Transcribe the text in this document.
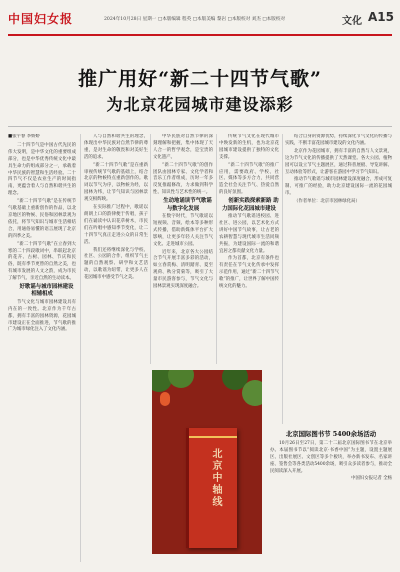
中国妇女报	2024年10月28日 星期一 □本版编辑 程英 □本版美编 黎岩 □本版校对 刘杰 □本版校对	文化 A15
推广用好“新二十四节气歌”
为北京花园城市建设添彩

■张宇春 李娇娇

二十四节气是中国古代先民的伟大发明，是中华文化的重要组成部分，也是中华优秀传统文化中最具生命力的组成部分之一，承载着中华民族的智慧和生活经验。二十四节气不仅是农业生产的时间指南，更蕴含着人与自然和谐共生的理念。

“新二十四节气歌”是在传统节气歌基础上重新创作的作品，以北京地区的物候、民俗和园林景观为依托，将节气知识与城市生活相结合，用通俗易懂的语言展现了北京的四季之美。

“新二十四节气歌”在立春到大寒的二十四段歌词中，串联起北京的花卉、古树、园林、节庆和民俗，既有季节更替的自然之美，也有城市发展的人文之韵，成为市民了解节气、亲近自然的生动读本。

好歌谣与城市园林建设相辅相成

节气文化与城市园林建设具有内在的一致性。北京作为千年古都，拥有丰富的园林资源，花园城市建设正在全面推进，节气歌的推广为城市绿化注入了文化内涵。

人与自然和谐共生的理念，体现出中华民族对自然节律的尊重，是对生命的敬畏和对美好生活的追求。

“新二十四节气歌”是在重新审视传统节气歌的基础上，结合北京的物候特点重新创作的。歌词以节气为序，以物候为经，以园林为纬，让节气知识与园林景观交相辉映。

在实际推广过程中，歌谣以朗朗上口的韵律便于传唱，孩子们在诵读中认识花草树木，市民们在吟唱中感知季节变化，让二十四节气真正走进公众的日常生活。

我们还将继续深化与学校、社区、公园的合作，组织节气主题的自然观察、研学和文艺活动，以歌谣为纽带，让更多人在花园城市中感受节气之美。

中华民族对自然节律的深刻理解和把握，集中体现了天人合一的哲学观念，是宝贵的文化遗产。

“新二十四节气歌”的创作团队由园林专家、文化学者和音乐工作者组成，历时一年多反复推敲修改，力求做到科学性、知识性与艺术性的统一。

生动地诵读节气歌谣 与数字化发展

在数字时代，节气歌谣以短视频、音频、绘本等多种形式传播，借助新媒体平台扩大影响，让更多年轻人关注节气文化、走进城市公园。

近年来，北京各大公园结合节气开展丰富多彩的活动，如立春赏梅、清明踏青、夏至观荷、秋分赏菊等，吸引了大量市民游客参与，节气文化与园林景观实现深度融合。

传统节气文化在现代城市中焕发新的生机，也为北京花园城市建设提供了独特的文化支撑。

“新二十四节气歌”的推广应用，需要政府、学校、社区、媒体等多方合力，共同营造全社会关注节气、热爱自然的良好氛围。

创新实践探索新路 助力国际化花园城市建设

推动节气歌谣进校园、进社区、进公园，以艺术化方式讲好中国节气故事，让古老的农耕智慧与现代城市生活同频共振，为建设国际一流的和谐宜居之都贡献文化力量。

作为首都，北京有条件也有责任在节气文化传承中发挥示范作用，通过“新二十四节气歌”的推广，让世界了解中国传统文化的魅力。

结合自身的资源优势，持续深化节气文化的传播与实践，不断丰富花园城市建设的文化内涵。

北京作为花园城市，拥有丰富的自然与人文景观，这为节气文化的传播提供了天然课堂。各大公园、植物园可以设立节气主题展区，通过科普展板、导览讲解、互动体验等形式，让游客在游园中学习节气知识。

推动节气歌谣与城市园林建设深度融合，形成可复制、可推广的经验，助力北京建设国际一流的花园城市。

（作者单位：北京市园林绿化局）

北京中轴线
北京国际图书节 5400余场活动

10月26日至27日，第二十二届北京国际图书节在北京举办。本届图书节以“阅读北京·书香中国”为主题，设置主题展区、出版社展区、文创区等多个板块，举办新书发布、名家讲座、签售会等各类活动5400余场，吸引众多读者参与，推动全民阅读深入开展。

中国妇女报记者 全杨
